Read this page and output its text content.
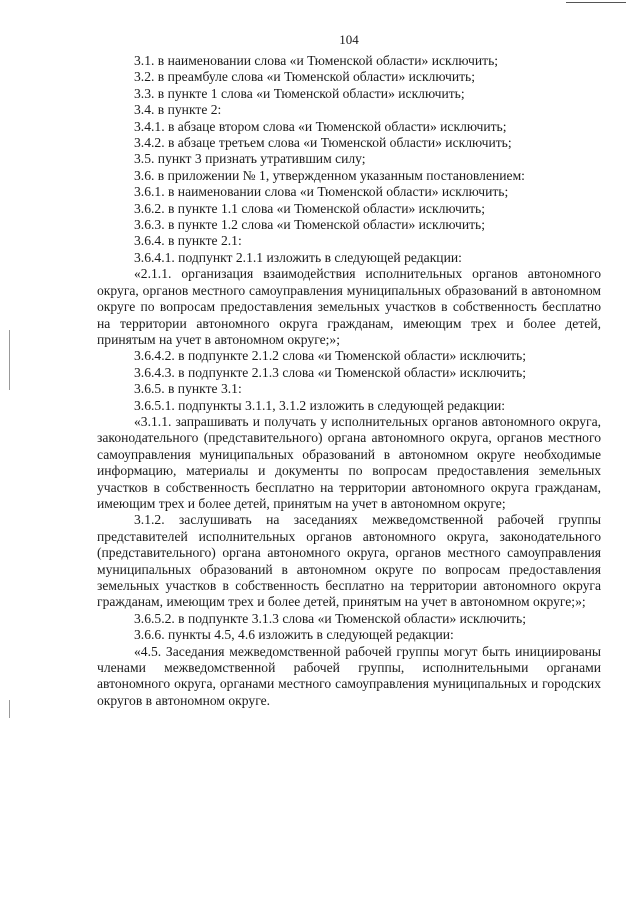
104

3.1. в наименовании слова «и Тюменской области» исключить;

3.2. в преамбуле слова «и Тюменской области» исключить;

3.3. в пункте 1 слова «и Тюменской области» исключить;

3.4. в пункте 2:

3.4.1. в абзаце втором слова «и Тюменской области» исключить;

3.4.2. в абзаце третьем слова «и Тюменской области» исключить;

3.5. пункт 3 признать утратившим силу;

3.6. в приложении № 1, утвержденном указанным постановлением:

3.6.1. в наименовании слова «и Тюменской области» исключить;

3.6.2. в пункте 1.1 слова «и Тюменской области» исключить;

3.6.3. в пункте 1.2 слова «и Тюменской области» исключить;

3.6.4. в пункте 2.1:

3.6.4.1. подпункт 2.1.1 изложить в следующей редакции:

«2.1.1. организация взаимодействия исполнительных органов автономного округа, органов местного самоуправления муниципальных образований в автономном округе по вопросам предоставления земельных участков в собственность бесплатно на территории автономного округа гражданам, имеющим трех и более детей, принятым на учет в автономном округе;»;

3.6.4.2. в подпункте 2.1.2 слова «и Тюменской области» исключить;

3.6.4.3. в подпункте 2.1.3 слова «и Тюменской области» исключить;

3.6.5. в пункте 3.1:

3.6.5.1. подпункты 3.1.1, 3.1.2 изложить в следующей редакции:

«3.1.1. запрашивать и получать у исполнительных органов автономного округа, законодательного (представительного) органа автономного округа, органов местного самоуправления муниципальных образований в автономном округе необходимые информацию, материалы и документы по вопросам предоставления земельных участков в собственность бесплатно на территории автономного округа гражданам, имеющим трех и более детей, принятым на учет в автономном округе;

3.1.2. заслушивать на заседаниях межведомственной рабочей группы представителей исполнительных органов автономного округа, законодательного (представительного) органа автономного округа, органов местного самоуправления муниципальных образований в автономном округе по вопросам предоставления земельных участков в собственность бесплатно на территории автономного округа гражданам, имеющим трех и более детей, принятым на учет в автономном округе;»;

3.6.5.2. в подпункте 3.1.3 слова «и Тюменской области» исключить;

3.6.6. пункты 4.5, 4.6 изложить в следующей редакции:

«4.5. Заседания межведомственной рабочей группы могут быть инициированы членами межведомственной рабочей группы, исполнительными органами автономного округа, органами местного самоуправления муниципальных и городских округов в автономном округе.
